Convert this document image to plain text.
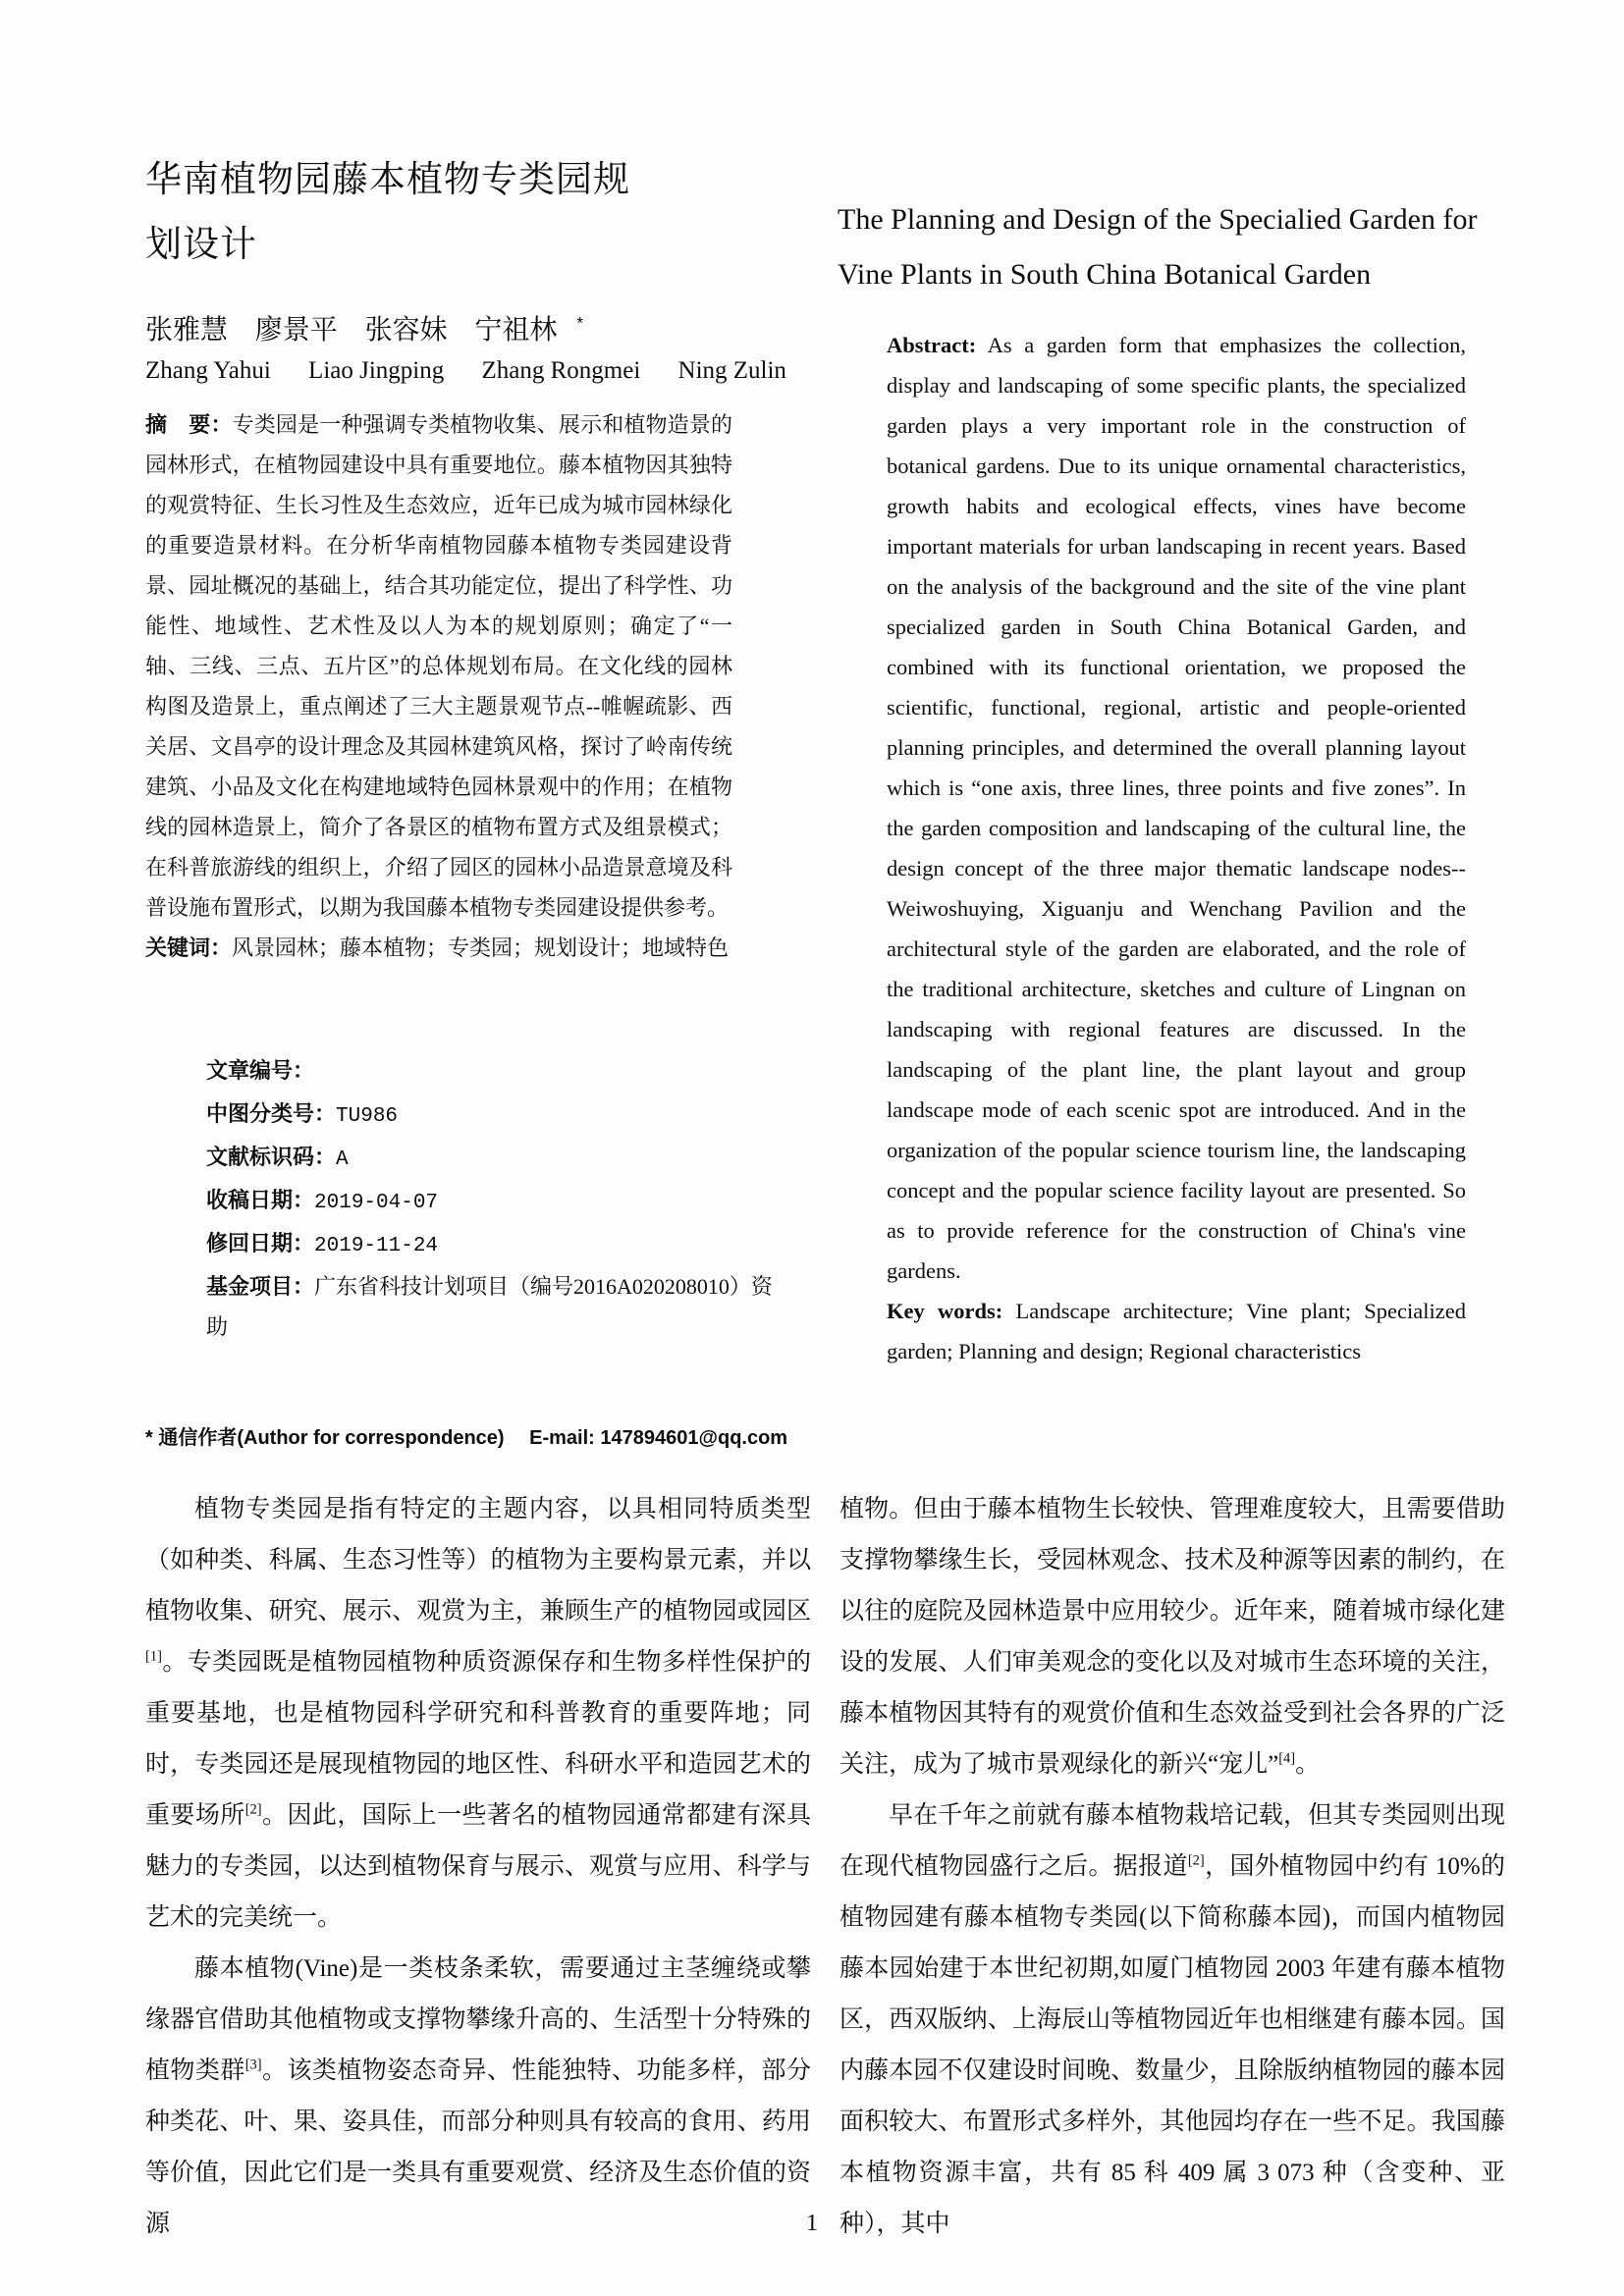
华南植物园藤本植物专类园规划设计
张雅慧 廖景平 张容妹 宁祖林 *
Zhang Yahui Liao Jingping Zhang Rongmei Ning Zulin

摘　要：专类园是一种强调专类植物收集、展示和植物造景的园林形式，在植物园建设中具有重要地位。藤本植物因其独特的观赏特征、生长习性及生态效应，近年已成为城市园林绿化的重要造景材料。在分析华南植物园藤本植物专类园建设背景、园址概况的基础上，结合其功能定位，提出了科学性、功能性、地域性、艺术性及以人为本的规划原则；确定了“一轴、三线、三点、五片区”的总体规划布局。在文化线的园林构图及造景上，重点阐述了三大主题景观节点--帷幄疏影、西关居、文昌亭的设计理念及其园林建筑风格，探讨了岭南传统建筑、小品及文化在构建地域特色园林景观中的作用；在植物线的园林造景上，简介了各景区的植物布置方式及组景模式；在科普旅游线的组织上，介绍了园区的园林小品造景意境及科普设施布置形式，以期为我国藤本植物专类园建设提供参考。

关键词：风景园林；藤本植物；专类园；规划设计；地域特色

文章编号：
中图分类号：TU986
文献标识码：A
收稿日期：2019-04-07
修回日期：2019-11-24
基金项目：广东省科技计划项目（编号2016A020208010）资助
* 通信作者(Author for correspondence)　 E-mail: 147894601@qq.com
The Planning and Design of the Specialied Garden for Vine Plants in South China Botanical Garden

Abstract: As a garden form that emphasizes the collection, display and landscaping of some specific plants, the specialized garden plays a very important role in the construction of botanical gardens. Due to its unique ornamental characteristics, growth habits and ecological effects, vines have become important materials for urban landscaping in recent years. Based on the analysis of the background and the site of the vine plant specialized garden in South China Botanical Garden, and combined with its functional orientation, we proposed the scientific, functional, regional, artistic and people-oriented planning principles, and determined the overall planning layout which is “one axis, three lines, three points and five zones”. In the garden composition and landscaping of the cultural line, the design concept of the three major thematic landscape nodes--Weiwoshuying, Xiguanju and Wenchang Pavilion and the architectural style of the garden are elaborated, and the role of the traditional architecture, sketches and culture of Lingnan on landscaping with regional features are discussed. In the landscaping of the plant line, the plant layout and group landscape mode of each scenic spot are introduced. And in the organization of the popular science tourism line, the landscaping concept and the popular science facility layout are presented. So as to provide reference for the construction of China's vine gardens.

Key words: Landscape architecture; Vine plant; Specialized garden; Planning and design; Regional characteristics

植物专类园是指有特定的主题内容，以具相同特质类型（如种类、科属、生态习性等）的植物为主要构景元素，并以植物收集、研究、展示、观赏为主，兼顾生产的植物园或园区[1]。专类园既是植物园植物种质资源保存和生物多样性保护的重要基地，也是植物园科学研究和科普教育的重要阵地；同时，专类园还是展现植物园的地区性、科研水平和造园艺术的重要场所[2]。因此，国际上一些著名的植物园通常都建有深具魅力的专类园，以达到植物保育与展示、观赏与应用、科学与艺术的完美统一。

藤本植物(Vine)是一类枝条柔软，需要通过主茎缠绕或攀缘器官借助其他植物或支撑物攀缘升高的、生活型十分特殊的植物类群[3]。该类植物姿态奇异、性能独特、功能多样，部分种类花、叶、果、姿具佳，而部分种则具有较高的食用、药用等价值，因此它们是一类具有重要观赏、经济及生态价值的资源

植物。但由于藤本植物生长较快、管理难度较大，且需要借助支撑物攀缘生长，受园林观念、技术及种源等因素的制约，在以往的庭院及园林造景中应用较少。近年来，随着城市绿化建设的发展、人们审美观念的变化以及对城市生态环境的关注，藤本植物因其特有的观赏价值和生态效益受到社会各界的广泛关注，成为了城市景观绿化的新兴“宠儿”[4]。

早在千年之前就有藤本植物栽培记载，但其专类园则出现在现代植物园盛行之后。据报道[2]，国外植物园中约有 10%的植物园建有藤本植物专类园(以下简称藤本园)，而国内植物园藤本园始建于本世纪初期,如厦门植物园 2003 年建有藤本植物区，西双版纳、上海辰山等植物园近年也相继建有藤本园。国内藤本园不仅建设时间晚、数量少，且除版纳植物园的藤本园面积较大、布置形式多样外，其他园均存在一些不足。我国藤本植物资源丰富，共有 85 科 409 属 3 073 种（含变种、亚种），其中

1
